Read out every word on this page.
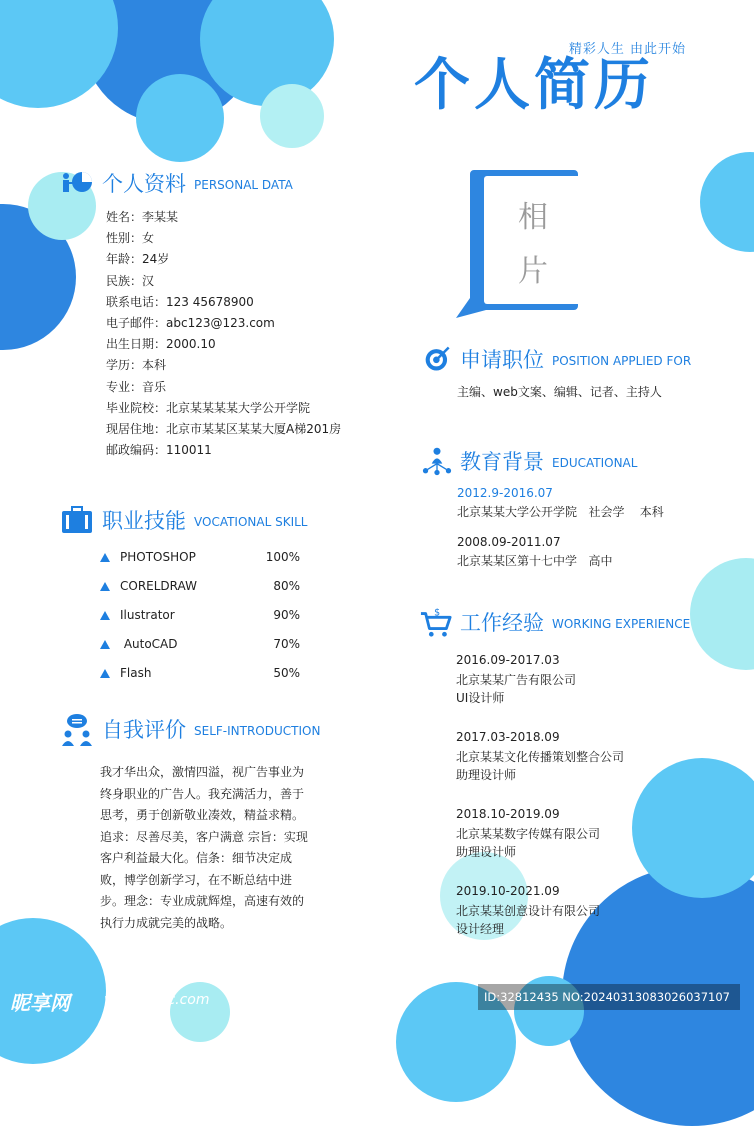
精彩人生 由此开始
个人简历
相
片
个人资料 PERSONAL DATA
姓名：李某某
性别：女
年龄：24岁
民族：汉
联系电话：123 45678900
电子邮件：abc123@123.com
出生日期：2000.10
学历：本科
专业：音乐
毕业院校：北京某某某某大学公开学院
现居住地：北京市某某区某某大厦A梯201房
邮政编码：110011
职业技能 VOCATIONAL SKILL
PHOTOSHOP	100%
CORELDRAW	80%
Ilustrator	90%
AutoCAD	70%
Flash	50%
自我评价 SELF-INTRODUCTION
我才华出众，激情四溢，视广告事业为终身职业的广告人。我充满活力，善于思考，勇于创新敬业凑效，精益求精。追求：尽善尽美，客户满意 宗旨：实现客户利益最大化。信条：细节决定成败，博学创新学习，在不断总结中进步。理念：专业成就辉煌，高速有效的执行力成就完美的战略。
申请职位 POSITION APPLIED FOR
主编、web文案、编辑、记者、主持人
教育背景 EDUCATIONAL
2012.9-2016.07
北京某某大学公开学院   社会学    本科
2008.09-2011.07
北京某某区第十七中学   高中
$ 工作经验 WORKING EXPERIENCE
2016.09-2017.03
北京某某广告有限公司
UI设计师
2017.03-2018.09
北京某某文化传播策划整合公司
助理设计师
2018.10-2019.09
北京某某数字传媒有限公司
助理设计师
2019.10-2021.09
北京某某创意设计有限公司
设计经理
昵享网 www.nipic.com	ID:32812435 NO:20240313083026037107
